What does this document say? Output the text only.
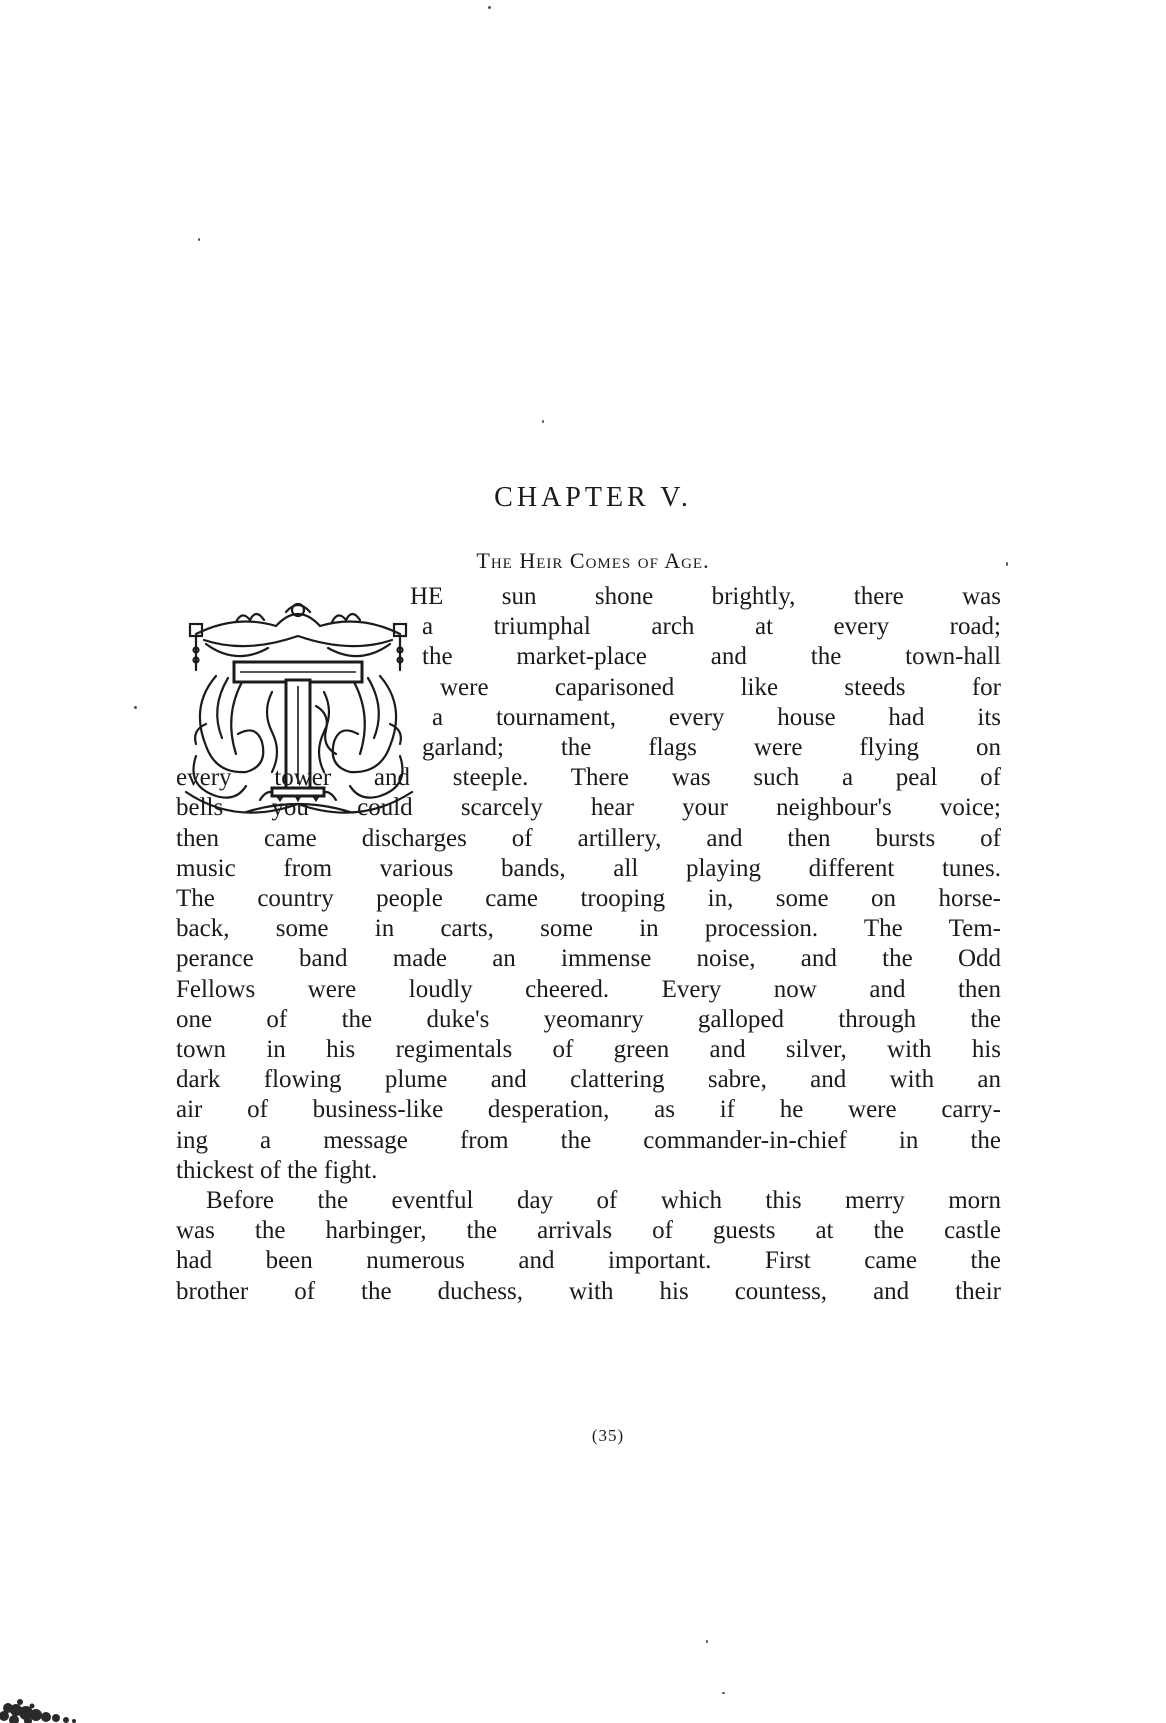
CHAPTER V.
The Heir Comes of Age.
HE sun shone brightly, there was
a triumphal arch at every road;
the market-place and the town-hall
were caparisoned like steeds for
a tournament, every house had its
garland; the flags were flying on
every tower and steeple. There was such a peal of
bells you could scarcely hear your neighbour's voice;
then came discharges of artillery, and then bursts of
music from various bands, all playing different tunes.
The country people came trooping in, some on horse-
back, some in carts, some in procession. The Tem-
perance band made an immense noise, and the Odd
Fellows were loudly cheered. Every now and then
one of the duke's yeomanry galloped through the
town in his regimentals of green and silver, with his
dark flowing plume and clattering sabre, and with an
air of business-like desperation, as if he were carry-
ing a message from the commander-in-chief in the
thickest of the fight.
Before the eventful day of which this merry morn
was the harbinger, the arrivals of guests at the castle
had been numerous and important. First came the
brother of the duchess, with his countess, and their
(35)
